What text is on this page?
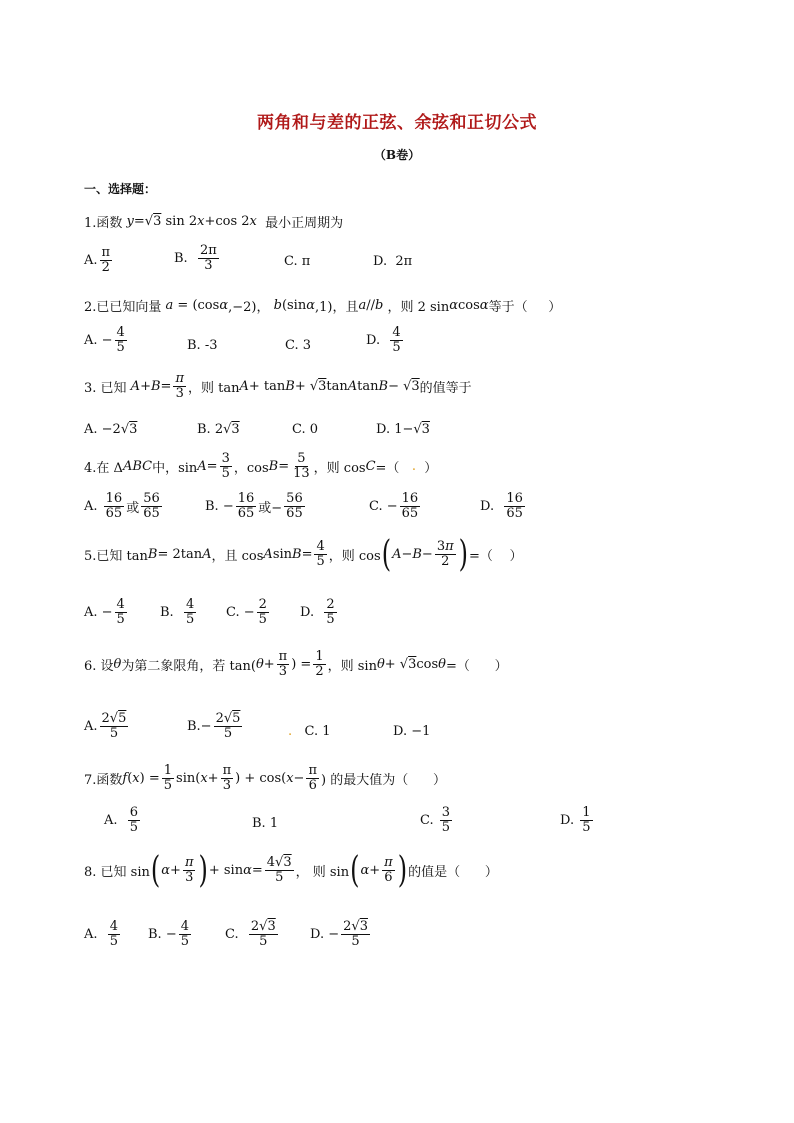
两角和与差的正弦、余弦和正切公式
（B卷）
一、选择题：
1.函数 y =√ 3 sin 2 x +cos 2 x 最小正周期为
A. $\frac{\pi}{2}$	B. $\frac{2\pi}{3}$	C. π	D.  2π
2.已已知向量 a = (cos α ,−2)， b (sin α ,1)，且 a // b ，则 2 sin α cos α 等于（     ）
A. − $\frac{4}{5}$	B. -3	C. 3	D. $\frac{4}{5}$
3. 已知 $A + B = \frac{\pi}{3}$ ，则 tan A + tan B + √ 3 tan A tan B − √ 3 的值等于
A. −2√ 3	B. 2√ 3	C. 0	D. 1−√ 3
4.在 Δ ABC 中，$\sin A = \frac{3}{5}$ ，$\cos B = \frac{5}{13}$ ，则 cos C =（ . ）
A. $\frac{16}{65}$ 或 $\frac{56}{65}$	B. − $\frac{16}{65}$ 或− $\frac{56}{65}$	C. − $\frac{16}{65}$	D. $\frac{16}{65}$
5.已知 tan B = 2tan A ，且 cos A $\sin B = \frac{4}{5}$ ，则 cos ( $A - B - \frac{3\pi}{2}$ ) =（    ）
A. − $\frac{4}{5}$	B. $\frac{4}{5} C$. − $\frac{2}{5} D$. $\frac{2}{5}$
6. 设 θ 为第二象限角，若 tan( $\theta + \frac{\pi}{3}$ ) = $\frac{1}{2}$ ，则 sin θ + √ 3 cos θ =（      ）
A. $\frac{2√5}{5}$	$B.- \frac{2√5}{5}$	. C. 1	D. −1
7.函数 f ( x ) = $\frac{1}{5} \sin$( $x + \frac{\pi}{3}$ ) + cos( $x - \frac{\pi}{6}$ ) 的最大值为（      ）
A. $\frac{6}{5}$	B. 1	C. $\frac{3}{5}$	D. $\frac{1}{5}$
8. 已知 sin ( $\alpha + \frac{\pi}{3}$ ) + $\sin \alpha = \frac{4√3}{5}$ ， 则 sin ( $\alpha + \frac{\pi}{6}$ ) 的值是（      ）
A. $\frac{4}{5} B$. − $\frac{4}{5}$	C. $\frac{2√3}{5} D$. − $\frac{2√3}{5}$
